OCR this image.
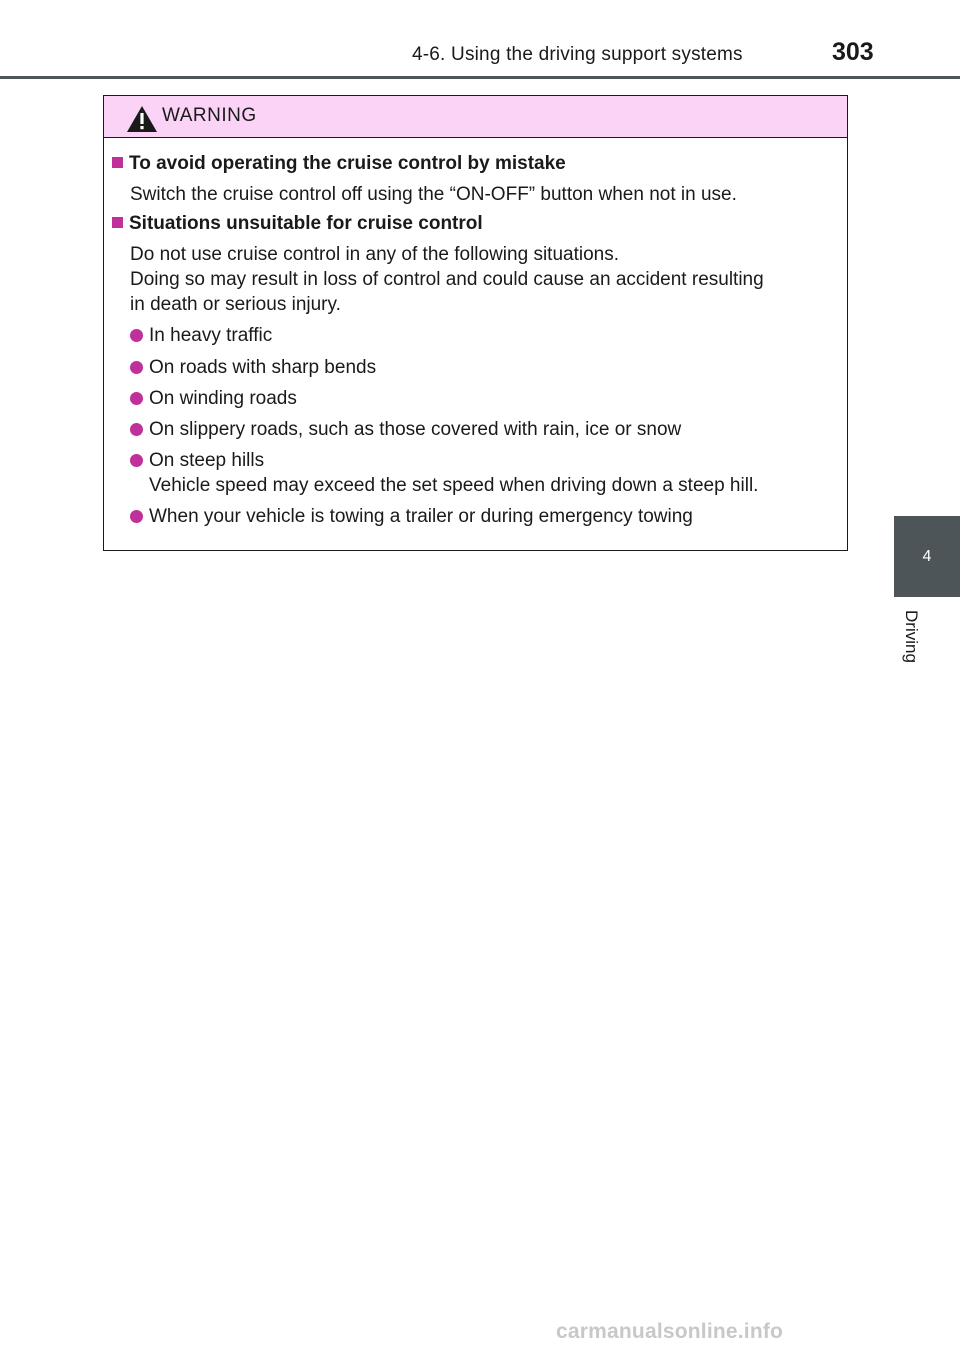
4-6. Using the driving support systems	303
4
Driving
WARNING
To avoid operating the cruise control by mistake
Switch the cruise control off using the “ON-OFF” button when not in use.
Situations unsuitable for cruise control
Do not use cruise control in any of the following situations.
Doing so may result in loss of control and could cause an accident resulting
in death or serious injury.
In heavy traffic
On roads with sharp bends
On winding roads
On slippery roads, such as those covered with rain, ice or snow
On steep hills
Vehicle speed may exceed the set speed when driving down a steep hill.
When your vehicle is towing a trailer or during emergency towing
carmanualsonline.info
